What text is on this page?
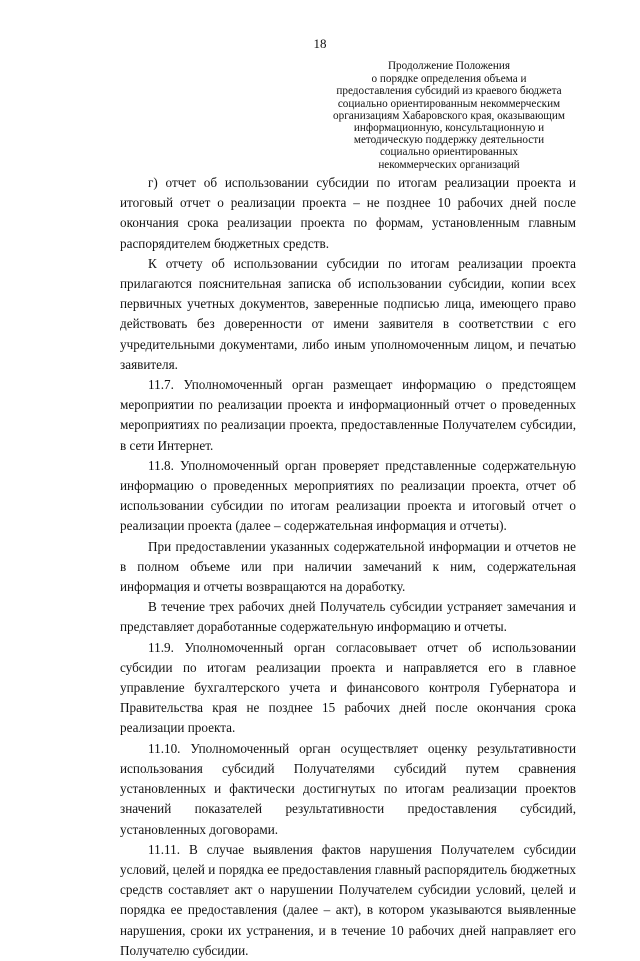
18
Продолжение Положения
о порядке определения объема и
предоставления субсидий из краевого бюджета
социально ориентированным некоммерческим
организациям Хабаровского края, оказывающим
информационную, консультационную и
методическую поддержку деятельности
социально ориентированных
некоммерческих организаций

г) отчет об использовании субсидии по итогам реализации проекта и итоговый отчет о реализации проекта – не позднее 10 рабочих дней после окончания срока реализации проекта по формам, установленным главным распорядителем бюджетных средств.

К отчету об использовании субсидии по итогам реализации проекта прилагаются пояснительная записка об использовании субсидии, копии всех первичных учетных документов, заверенные подписью лица, имеющего право действовать без доверенности от имени заявителя в соответствии с его учредительными документами, либо иным уполномоченным лицом, и печатью заявителя.

11.7. Уполномоченный орган размещает информацию о предстоящем мероприятии по реализации проекта и информационный отчет о проведенных мероприятиях по реализации проекта, предоставленные Получателем субсидии, в сети Интернет.

11.8. Уполномоченный орган проверяет представленные содержательную информацию о проведенных мероприятиях по реализации проекта, отчет об использовании субсидии по итогам реализации проекта и итоговый отчет о реализации проекта (далее – содержательная информация и отчеты).

При предоставлении указанных содержательной информации и отчетов не в полном объеме или при наличии замечаний к ним, содержательная информация и отчеты возвращаются на доработку.

В течение трех рабочих дней Получатель субсидии устраняет замечания и представляет доработанные содержательную информацию и отчеты.

11.9. Уполномоченный орган согласовывает отчет об использовании субсидии по итогам реализации проекта и направляется его в главное управление бухгалтерского учета и финансового контроля Губернатора и Правительства края не позднее 15 рабочих дней после окончания срока реализации проекта.

11.10. Уполномоченный орган осуществляет оценку результативности использования субсидий Получателями субсидий путем сравнения установленных и фактически достигнутых по итогам реализации проектов значений показателей результативности предоставления субсидий, установленных договорами.

11.11. В случае выявления фактов нарушения Получателем субсидии условий, целей и порядка ее предоставления главный распорядитель бюджетных средств составляет акт о нарушении Получателем субсидии условий, целей и порядка ее предоставления (далее – акт), в котором указываются выявленные нарушения, сроки их устранения, и в течение 10 рабочих дней направляет его Получателю субсидии.
